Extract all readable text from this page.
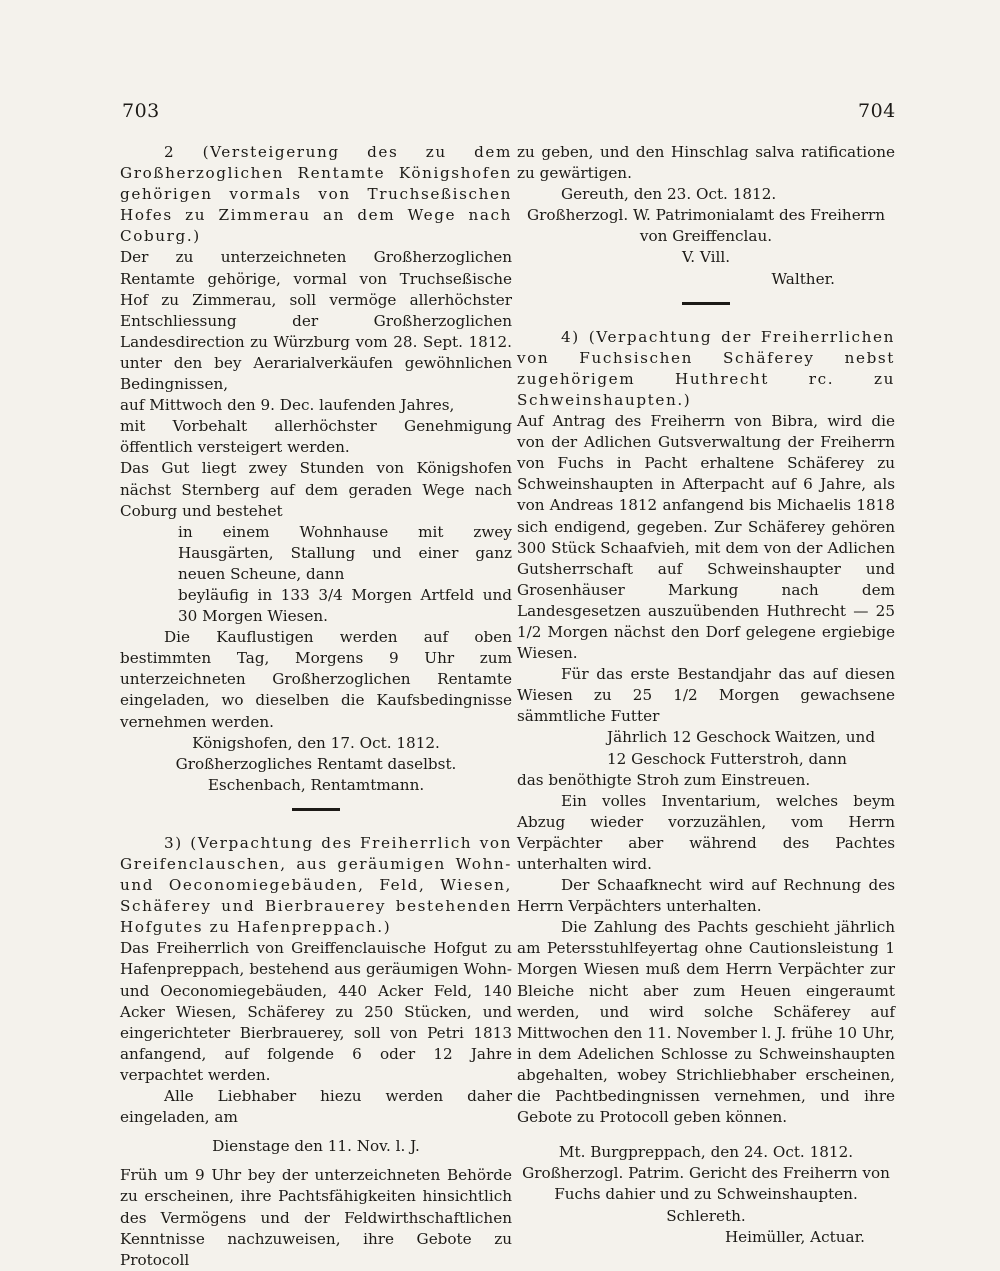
703	704

2 (Versteigerung des zu dem Großherzoglichen Rentamte Königshofen gehörigen vormals von Truchseßischen Hofes zu Zimmerau an dem Wege nach Coburg.)

Der zu unterzeichneten Großherzoglichen Rentamte gehörige, vormal von Truchseßische Hof zu Zimmerau, soll vermöge allerhöchster Entschliessung der Großherzoglichen Landesdirection zu Würzburg vom 28. Sept. 1812. unter den bey Aerarialverkäufen gewöhnlichen Bedingnissen,

auf Mittwoch den 9. Dec. laufenden Jahres,

mit Vorbehalt allerhöchster Genehmigung öffentlich versteigert werden.

Das Gut liegt zwey Stunden von Königshofen nächst Sternberg auf dem geraden Wege nach Coburg und bestehet

in einem Wohnhause mit zwey Hausgärten, Stallung und einer ganz neuen Scheune, dann

beyläufig in 133 3/4 Morgen Artfeld und 30 Morgen Wiesen.

Die Kauflustigen werden auf oben bestimmten Tag, Morgens 9 Uhr zum unterzeichneten Großherzoglichen Rentamte eingeladen, wo dieselben die Kaufsbedingnisse vernehmen werden.

Königshofen, den 17. Oct. 1812.

Großherzogliches Rentamt daselbst.

Eschenbach, Rentamtmann.

3) (Verpachtung des Freiherrlich von Greifenclauschen, aus geräumigen Wohn- und Oeconomiegebäuden, Feld, Wiesen, Schäferey und Bierbrauerey bestehenden Hofgutes zu Hafenpreppach.)

Das Freiherrlich von Greiffenclauische Hofgut zu Hafenpreppach, bestehend aus geräumigen Wohn- und Oeconomiegebäuden, 440 Acker Feld, 140 Acker Wiesen, Schäferey zu 250 Stücken, und eingerichteter Bierbrauerey, soll von Petri 1813 anfangend, auf folgende 6 oder 12 Jahre verpachtet werden.

Alle Liebhaber hiezu werden daher eingeladen, am

Dienstage den 11. Nov. l. J.

Früh um 9 Uhr bey der unterzeichneten Behörde zu erscheinen, ihre Pachtsfähigkeiten hinsichtlich des Vermögens und der Feldwirthschaftlichen Kenntnisse nachzuweisen, ihre Gebote zu Protocoll

zu geben, und den Hinschlag salva ratificatione zu gewärtigen.

Gereuth, den 23. Oct. 1812.

Großherzogl. W. Patrimonialamt des Freiherrn von Greiffenclau.

V. Vill.

Walther.

4) (Verpachtung der Freiherrlichen von Fuchsischen Schäferey nebst zugehörigem Huthrecht rc. zu Schweinshaupten.)

Auf Antrag des Freiherrn von Bibra, wird die von der Adlichen Gutsverwaltung der Freiherrn von Fuchs in Pacht erhaltene Schäferey zu Schweinshaupten in Afterpacht auf 6 Jahre, als von Andreas 1812 anfangend bis Michaelis 1818 sich endigend, gegeben. Zur Schäferey gehören 300 Stück Schaafvieh, mit dem von der Adlichen Gutsherrschaft auf Schweinshaupter und Grosenhäuser Markung nach dem Landesgesetzen auszuübenden Huthrecht — 25 1/2 Morgen nächst den Dorf gelegene ergiebige Wiesen.

Für das erste Bestandjahr das auf diesen Wiesen zu 25 1/2 Morgen gewachsene sämmtliche Futter

Jährlich 12 Geschock Waitzen, und

12 Geschock Futterstroh, dann

das benöthigte Stroh zum Einstreuen.

Ein volles Inventarium, welches beym Abzug wieder vorzuzählen, vom Herrn Verpächter aber während des Pachtes unterhalten wird.

Der Schaafknecht wird auf Rechnung des Herrn Verpächters unterhalten.

Die Zahlung des Pachts geschieht jährlich am Petersstuhlfeyertag ohne Cautionsleistung 1 Morgen Wiesen muß dem Herrn Verpächter zur Bleiche nicht aber zum Heuen eingeraumt werden, und wird solche Schäferey auf Mittwochen den 11. November l. J. frühe 10 Uhr, in dem Adelichen Schlosse zu Schweinshaupten abgehalten, wobey Strichliebhaber erscheinen, die Pachtbedingnissen vernehmen, und ihre Gebote zu Protocoll geben können.

Mt. Burgpreppach, den 24. Oct. 1812.

Großherzogl. Patrim. Gericht des Freiherrn von Fuchs dahier und zu Schweinshaupten.

Schlereth.

Heimüller, Actuar.
